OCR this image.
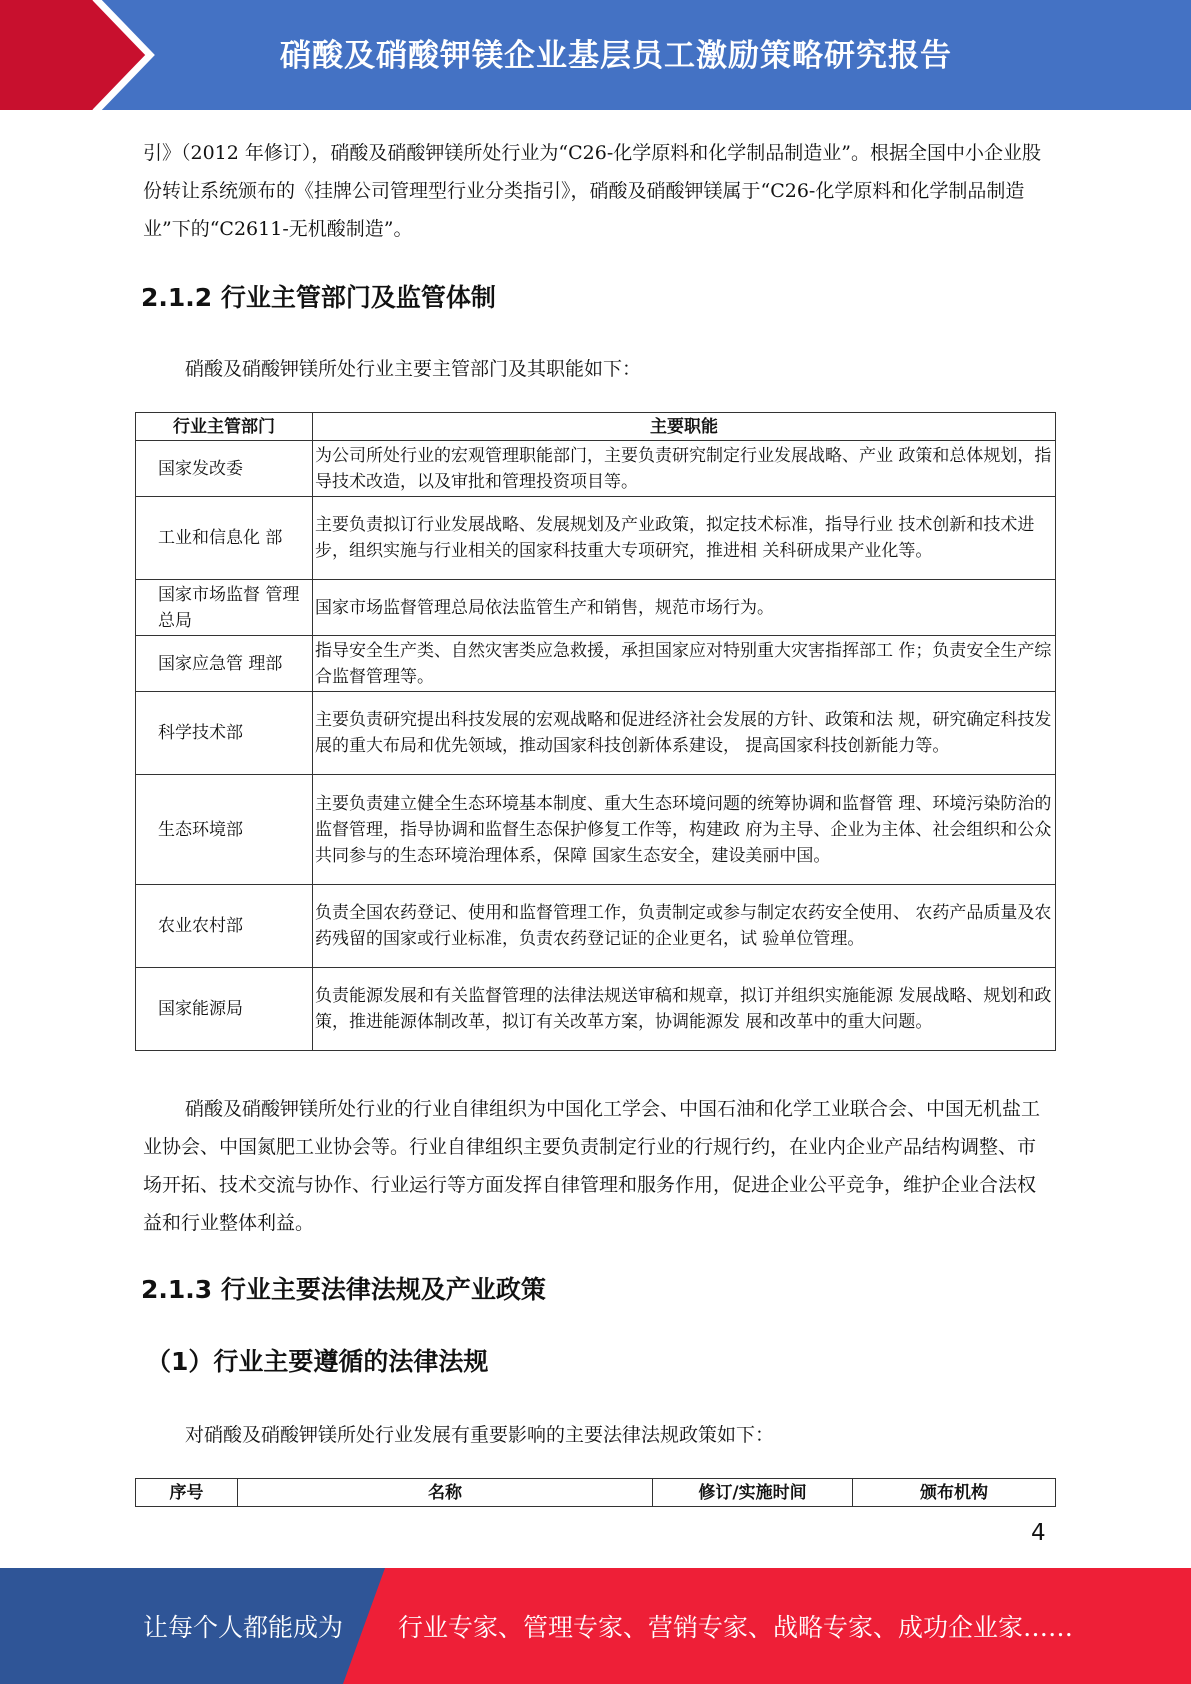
硝酸及硝酸钾镁企业基层员工激励策略研究报告

引》（2012 年修订），硝酸及硝酸钾镁所处行业为“C26-化学原料和化学制品制造业”。根据全国中小企业股份转让系统颁布的《挂牌公司管理型行业分类指引》，硝酸及硝酸钾镁属于“C26-化学原料和化学制品制造业”下的“C2611-无机酸制造”。

2.1.2 行业主管部门及监管体制

硝酸及硝酸钾镁所处行业主要主管部门及其职能如下：

行业主管部门	主要职能
国家发改委	为公司所处行业的宏观管理职能部门，主要负责研究制定行业发展战略、产业 政策和总体规划，指导技术改造，以及审批和管理投资项目等。
工业和信息化 部	主要负责拟订行业发展战略、发展规划及产业政策，拟定技术标准，指导行业 技术创新和技术进步，组织实施与行业相关的国家科技重大专项研究，推进相 关科研成果产业化等。
国家市场监督 管理总局	国家市场监督管理总局依法监管生产和销售，规范市场行为。
国家应急管 理部	指导安全生产类、自然灾害类应急救援，承担国家应对特别重大灾害指挥部工 作；负责安全生产综合监督管理等。
科学技术部	主要负责研究提出科技发展的宏观战略和促进经济社会发展的方针、政策和法 规，研究确定科技发展的重大布局和优先领域，推动国家科技创新体系建设， 提高国家科技创新能力等。
生态环境部	主要负责建立健全生态环境基本制度、重大生态环境问题的统筹协调和监督管 理、环境污染防治的监督管理，指导协调和监督生态保护修复工作等，构建政 府为主导、企业为主体、社会组织和公众共同参与的生态环境治理体系，保障 国家生态安全，建设美丽中国。
农业农村部	负责全国农药登记、使用和监督管理工作，负责制定或参与制定农药安全使用、 农药产品质量及农药残留的国家或行业标准，负责农药登记证的企业更名，试 验单位管理。
国家能源局	负责能源发展和有关监督管理的法律法规送审稿和规章，拟订并组织实施能源 发展战略、规划和政策，推进能源体制改革，拟订有关改革方案，协调能源发 展和改革中的重大问题。

硝酸及硝酸钾镁所处行业的行业自律组织为中国化工学会、中国石油和化学工业联合会、中国无机盐工业协会、中国氮肥工业协会等。行业自律组织主要负责制定行业的行规行约，在业内企业产品结构调整、市场开拓、技术交流与协作、行业运行等方面发挥自律管理和服务作用，促进企业公平竞争，维护企业合法权益和行业整体利益。

2.1.3 行业主要法律法规及产业政策
（1）行业主要遵循的法律法规

对硝酸及硝酸钾镁所处行业发展有重要影响的主要法律法规政策如下：

序号	名称	修订/实施时间	颁布机构
4
让每个人都能成为 行业专家、管理专家、营销专家、战略专家、成功企业家……
